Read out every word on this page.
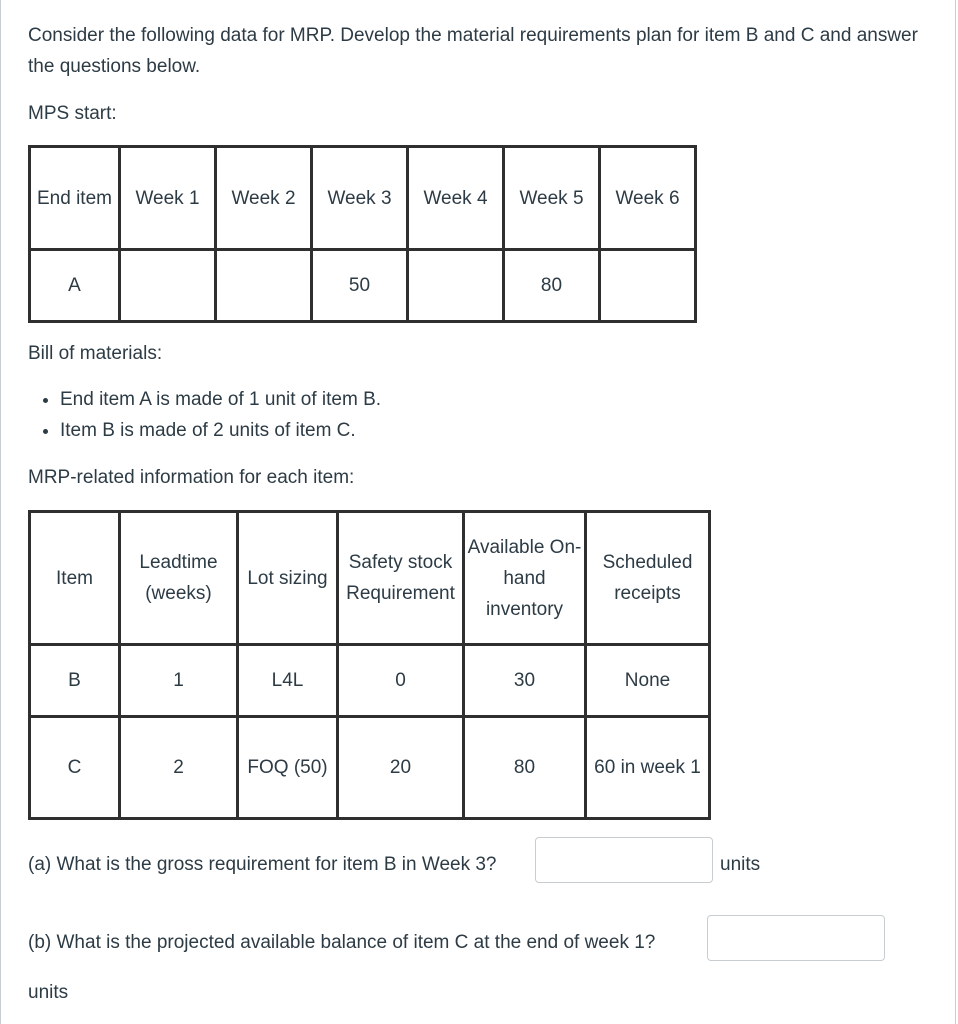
Consider the following data for MRP. Develop the material requirements plan for item B and C and answer the questions below.
MPS start:
End item	Week 1	Week 2	Week 3	Week 4	Week 5	Week 6
A			50		80	
Bill of materials:
• End item A is made of 1 unit of item B.
• Item B is made of 2 units of item C.
MRP-related information for each item:
Item	Leadtime (weeks)	Lot sizing	Safety stock Requirement	Available On-hand inventory	Scheduled receipts
B	1	L4L	0	30	None
C	2	FOQ (50)	20	80	60 in week 1
(a) What is the gross requirement for item B in Week 3?	units
(b) What is the projected available balance of item C at the end of week 1?
units
